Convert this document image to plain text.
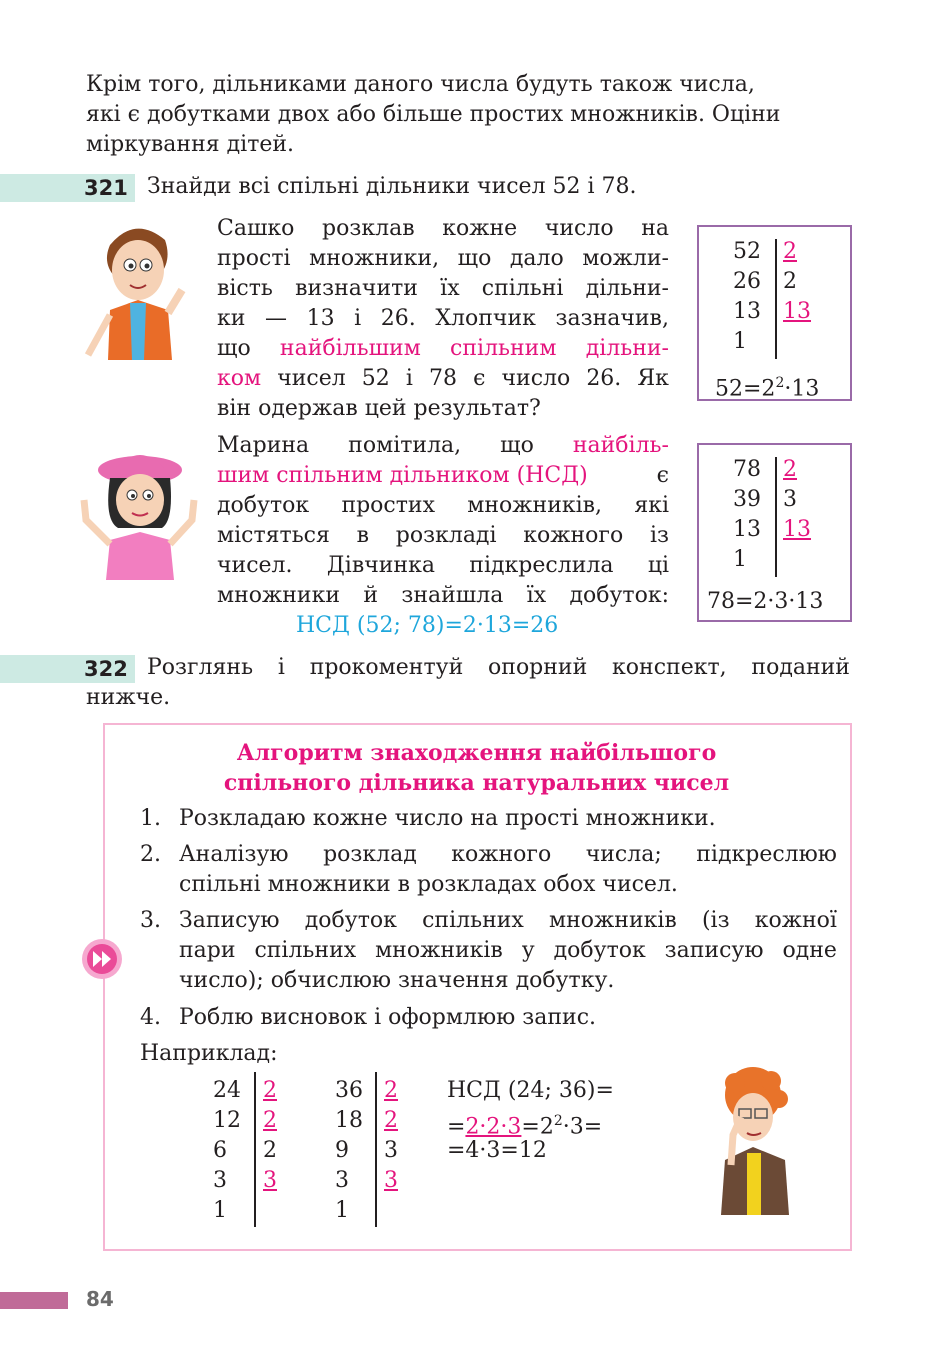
Крім того, дільниками даного числа будуть також числа,
які є добутками двох або більше простих множників. Оціни
міркування дітей.
321 Знайди всі спільні дільники чисел 52 і 78.
Сашко розклав кожне число на
прості множники, що дало можли-
вість визначити їх спільні дільни-
ки — 13 і 26. Хлопчик зазначив,
що найбільшим спільним дільни-
ком чисел 52 і 78 є число 26. Як
він одержав цей результат?
52
26
13
1
2
2
13
$52=2^2\cdot 13$
Марина помітила, що найбіль-
шим спільним дільником (НСД)	є
добуток простих множників, які
містяться в розкладі кожного із
чисел. Дівчинка підкреслила ці
множники й знайшла їх добуток:
НСД (52; 78)=2·13=26
78
39
13
1
2
3
13
78=2·3·13
322 Розглянь і прокоментуй опорний конспект, поданий
нижче.
Алгоритм знаходження найбільшого
спільного дільника натуральних чисел
1. Розкладаю кожне число на прості множники.
2. Аналізую розклад кожного числа; підкреслюю
спільні множники в розкладах обох чисел.
3. Записую добуток спільних множників (із кожної
пари спільних множників у добуток записую одне
число); обчислюю значення добутку.
4. Роблю висновок і оформлюю запис.
Наприклад:
24
12
6
3
1
2
2
2
3
36
18
9
3
1
2
2
3
3
НСД (24; 36)=
$=2\cdot 2\cdot 3=2^2\cdot 3=$
=4·3=12
84
